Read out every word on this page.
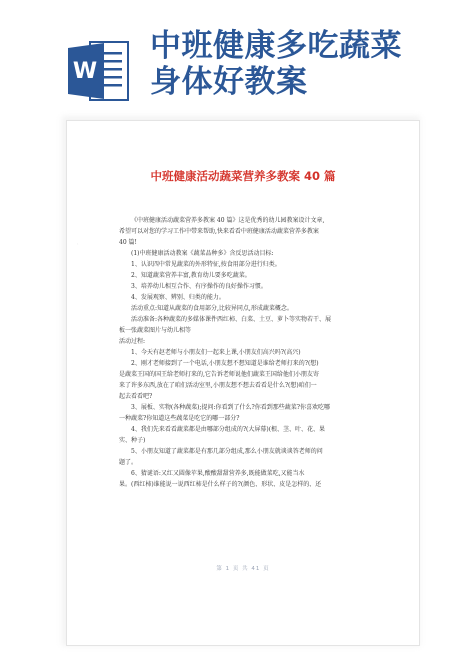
W
中班健康多吃蔬菜
身体好教案
·
中班健康活动蔬菜营养多教案 40 篇

《中班健康活动蔬菜营养多教案 40 篇》这是优秀的幼儿园教案设计文章,

希望可以对您的学习工作中带来帮助,快来看看中班健康活动蔬菜营养多教案

40 篇!

(1)中班健康活动教案《蔬菜品种多》含反思活动目标:

1、认识四中常见蔬菜的外形特征,按食用部分进行归类。

2、知道蔬菜营养丰富,教育幼儿要多吃蔬菜。

3、培养幼儿相互合作、有序操作的良好操作习惯。

4、发展观察、辨别、归类的能力。

活动重点:知道从蔬菜的食用部分,比较异同点,形成蔬菜概念。

活动准备:各种蔬菜的多媒体课件西红柿、白菜、土豆、萝卜等实物若干、展

板一张蔬菜图片与幼儿相等

活动过程:

1、今天有赵老师与小朋友们一起来上课,小朋友们高兴吗?(高兴)

2、刚才老师接到了一个电话,小朋友想不想知道是谁给老师打来的?(想)

是蔬菜王国的国王给老师打来的,它告诉老师说他们蔬菜王国给他们小朋友寄

来了许多东西,放在了咱们活动室里,小朋友想不想去看看是什么?(想)咱们一

起去看看吧?

3、展板、实物(各种蔬菜);提问:你看到了什么?你看到那些蔬菜?你喜欢吃哪

一种蔬菜?你知道这些蔬菜是吃它的哪一部分?

4、我们先来看看蔬菜都是由哪部分组成的?(大屏幕)(根、茎、叶、花、果

实、种子)

5、小朋友知道了蔬菜都是有那几部分组成,那么小朋友就谈谈答老师的问

题了。

6、猜谜语:又红又圆像苹果,酸酸甜甜营养多,既能做菜吃,又能当水

果。(西红柿)谁能说一说西红柿是什么样子的?(颜色、形状、皮是怎样的、还

第 1 页 共 41 页
